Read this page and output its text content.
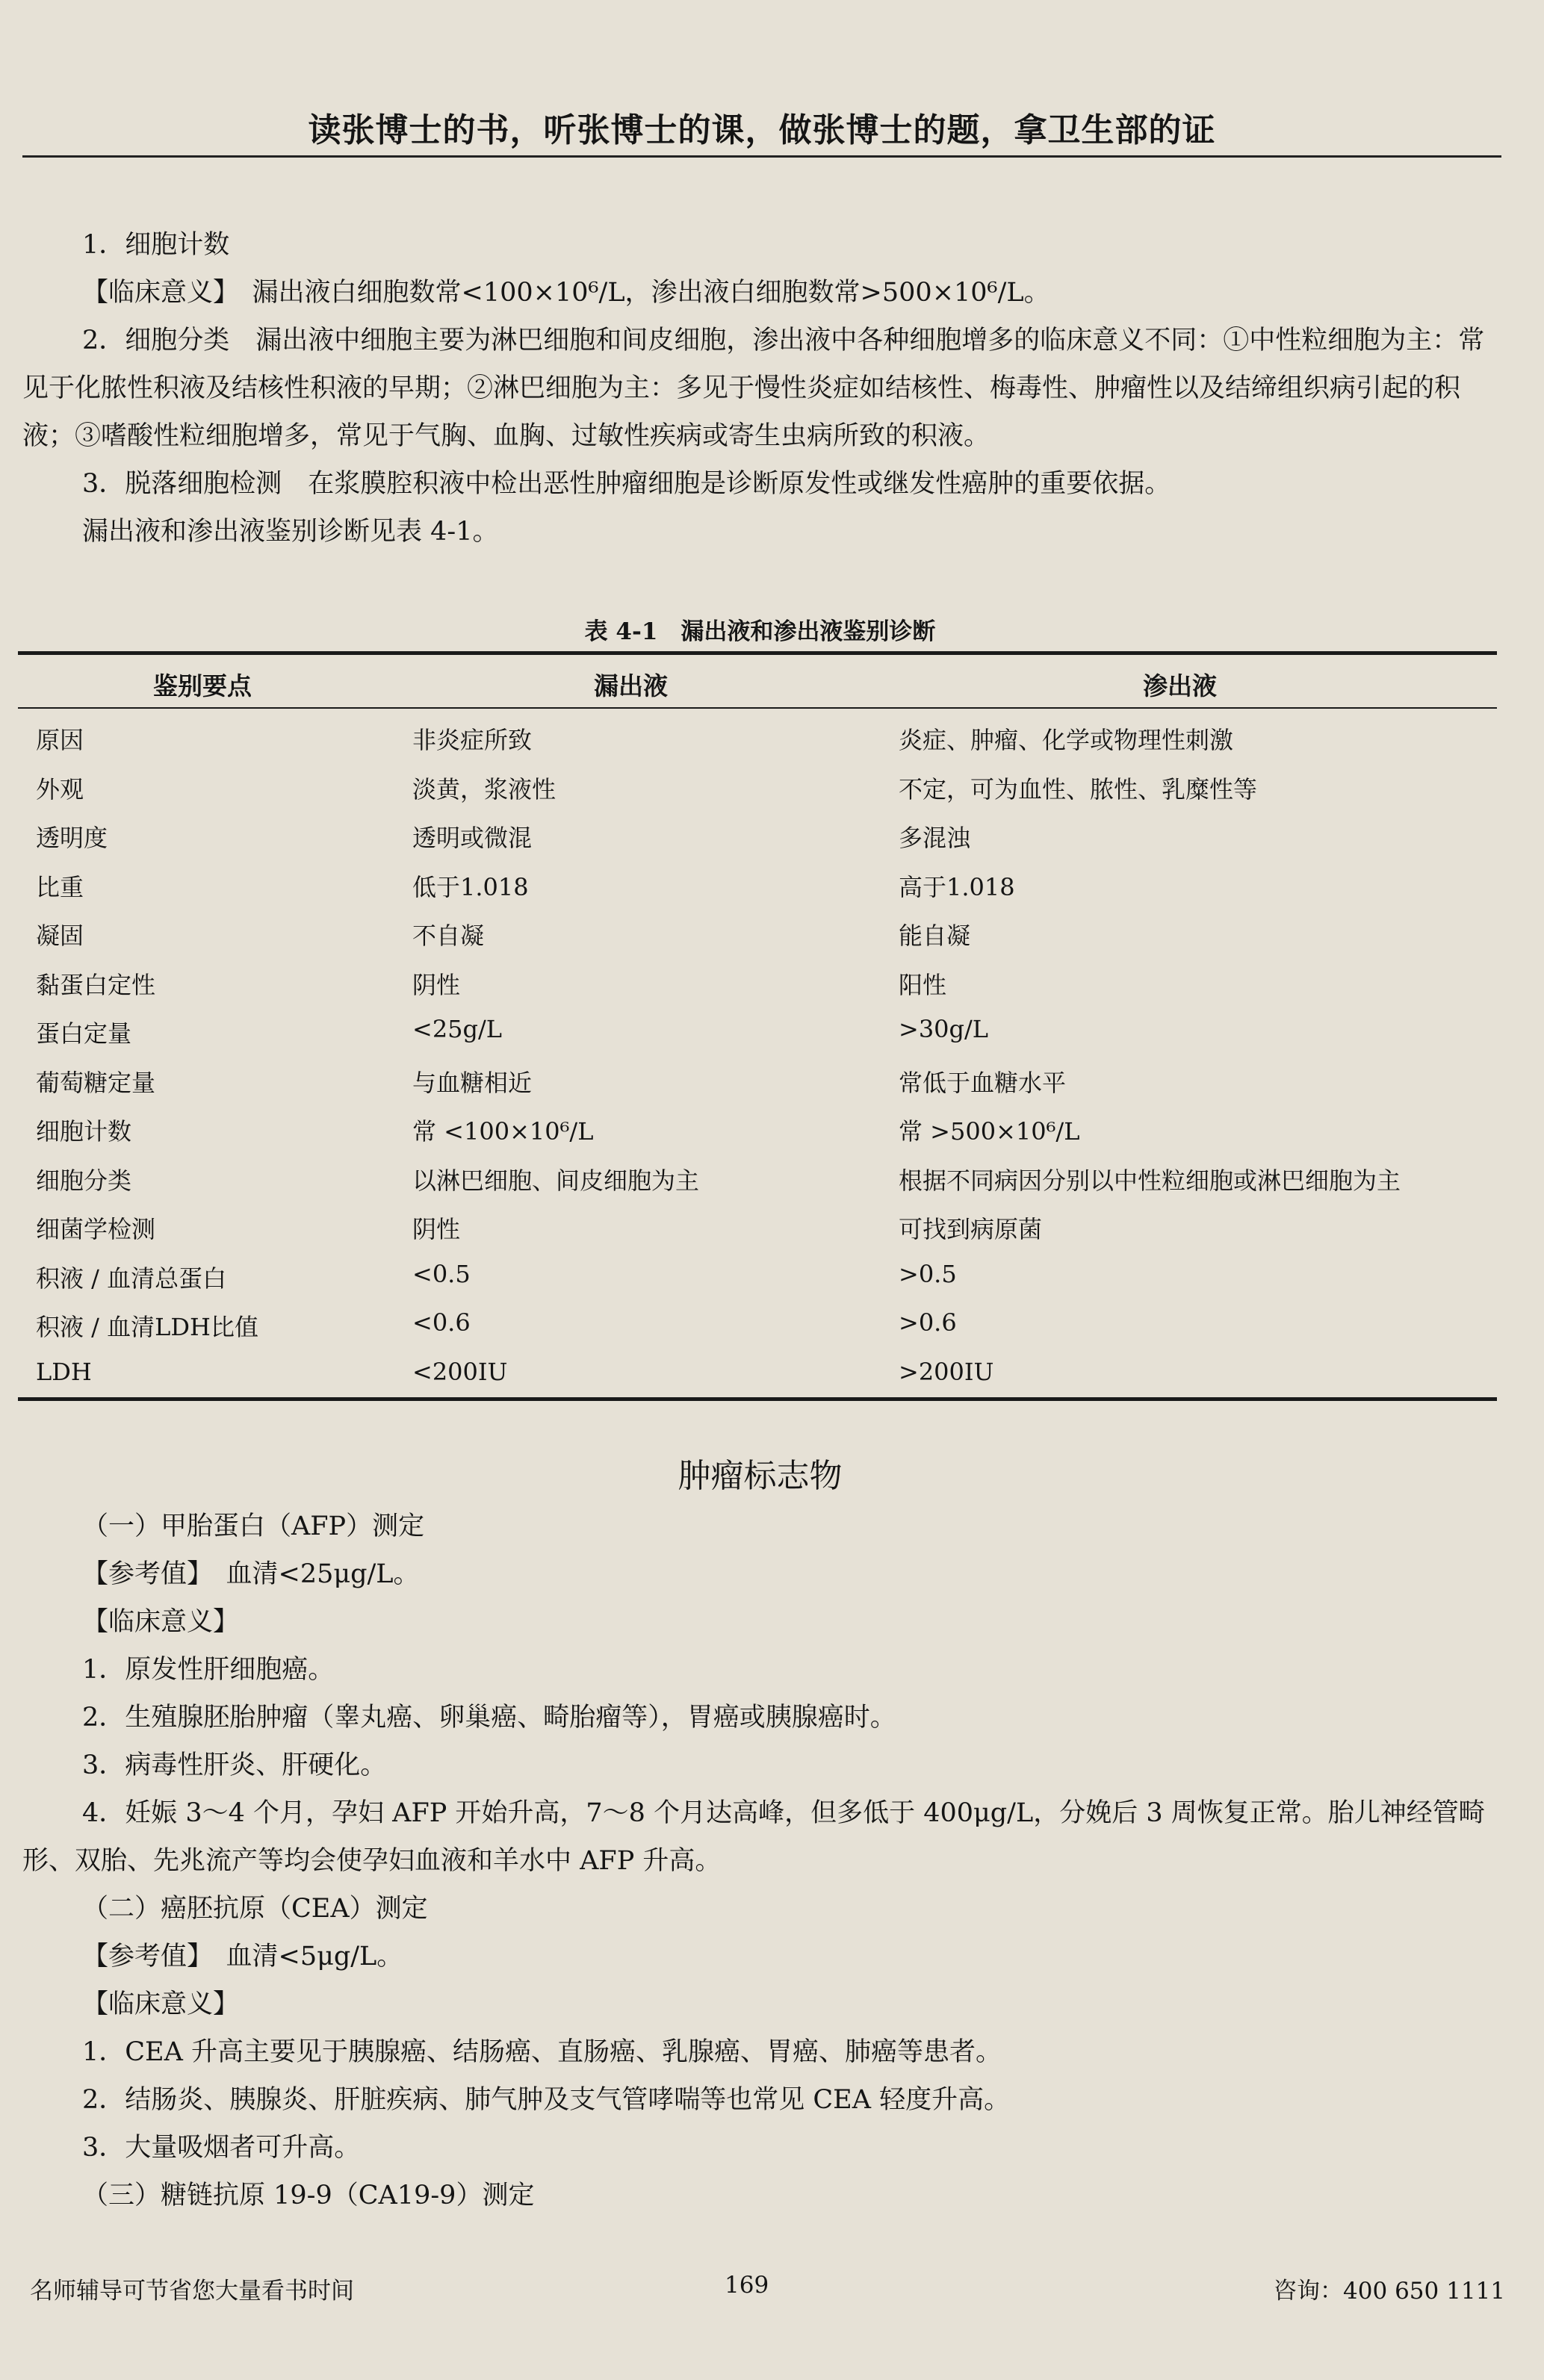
读张博士的书，听张博士的课，做张博士的题，拿卫生部的证

1．细胞计数

【临床意义】　漏出液白细胞数常<100×10⁶/L，渗出液白细胞数常>500×10⁶/L。

2．细胞分类　漏出液中细胞主要为淋巴细胞和间皮细胞，渗出液中各种细胞增多的临床意义不同：①中性粒细胞为主：常见于化脓性积液及结核性积液的早期；②淋巴细胞为主：多见于慢性炎症如结核性、梅毒性、肿瘤性以及结缔组织病引起的积液；③嗜酸性粒细胞增多，常见于气胸、血胸、过敏性疾病或寄生虫病所致的积液。

3．脱落细胞检测　在浆膜腔积液中检出恶性肿瘤细胞是诊断原发性或继发性癌肿的重要依据。

漏出液和渗出液鉴别诊断见表 4-1。

表 4-1　漏出液和渗出液鉴别诊断
鉴别要点	漏出液	渗出液
原因	非炎症所致	炎症、肿瘤、化学或物理性刺激
外观	淡黄，浆液性	不定，可为血性、脓性、乳糜性等
透明度	透明或微混	多混浊
比重	低于1.018	高于1.018
凝固	不自凝	能自凝
黏蛋白定性	阴性	阳性
蛋白定量	<25g/L	>30g/L
葡萄糖定量	与血糖相近	常低于血糖水平
细胞计数	常 <100×10⁶/L	常 >500×10⁶/L
细胞分类	以淋巴细胞、间皮细胞为主	根据不同病因分别以中性粒细胞或淋巴细胞为主
细菌学检测	阴性	可找到病原菌
积液 / 血清总蛋白	<0.5	>0.5
积液 / 血清LDH比值	<0.6	>0.6
LDH	<200IU	>200IU
肿瘤标志物

（一）甲胎蛋白（AFP）测定

【参考值】　血清<25μg/L。

【临床意义】

1．原发性肝细胞癌。

2．生殖腺胚胎肿瘤（睾丸癌、卵巢癌、畸胎瘤等），胃癌或胰腺癌时。

3．病毒性肝炎、肝硬化。

4．妊娠 3～4 个月，孕妇 AFP 开始升高，7～8 个月达高峰，但多低于 400μg/L，分娩后 3 周恢复正常。胎儿神经管畸形、双胎、先兆流产等均会使孕妇血液和羊水中 AFP 升高。

（二）癌胚抗原（CEA）测定

【参考值】　血清<5μg/L。

【临床意义】

1．CEA 升高主要见于胰腺癌、结肠癌、直肠癌、乳腺癌、胃癌、肺癌等患者。

2．结肠炎、胰腺炎、肝脏疾病、肺气肿及支气管哮喘等也常见 CEA 轻度升高。

3．大量吸烟者可升高。

（三）糖链抗原 19-9（CA19-9）测定

名师辅导可节省您大量看书时间	169	咨询：400 650 1111
